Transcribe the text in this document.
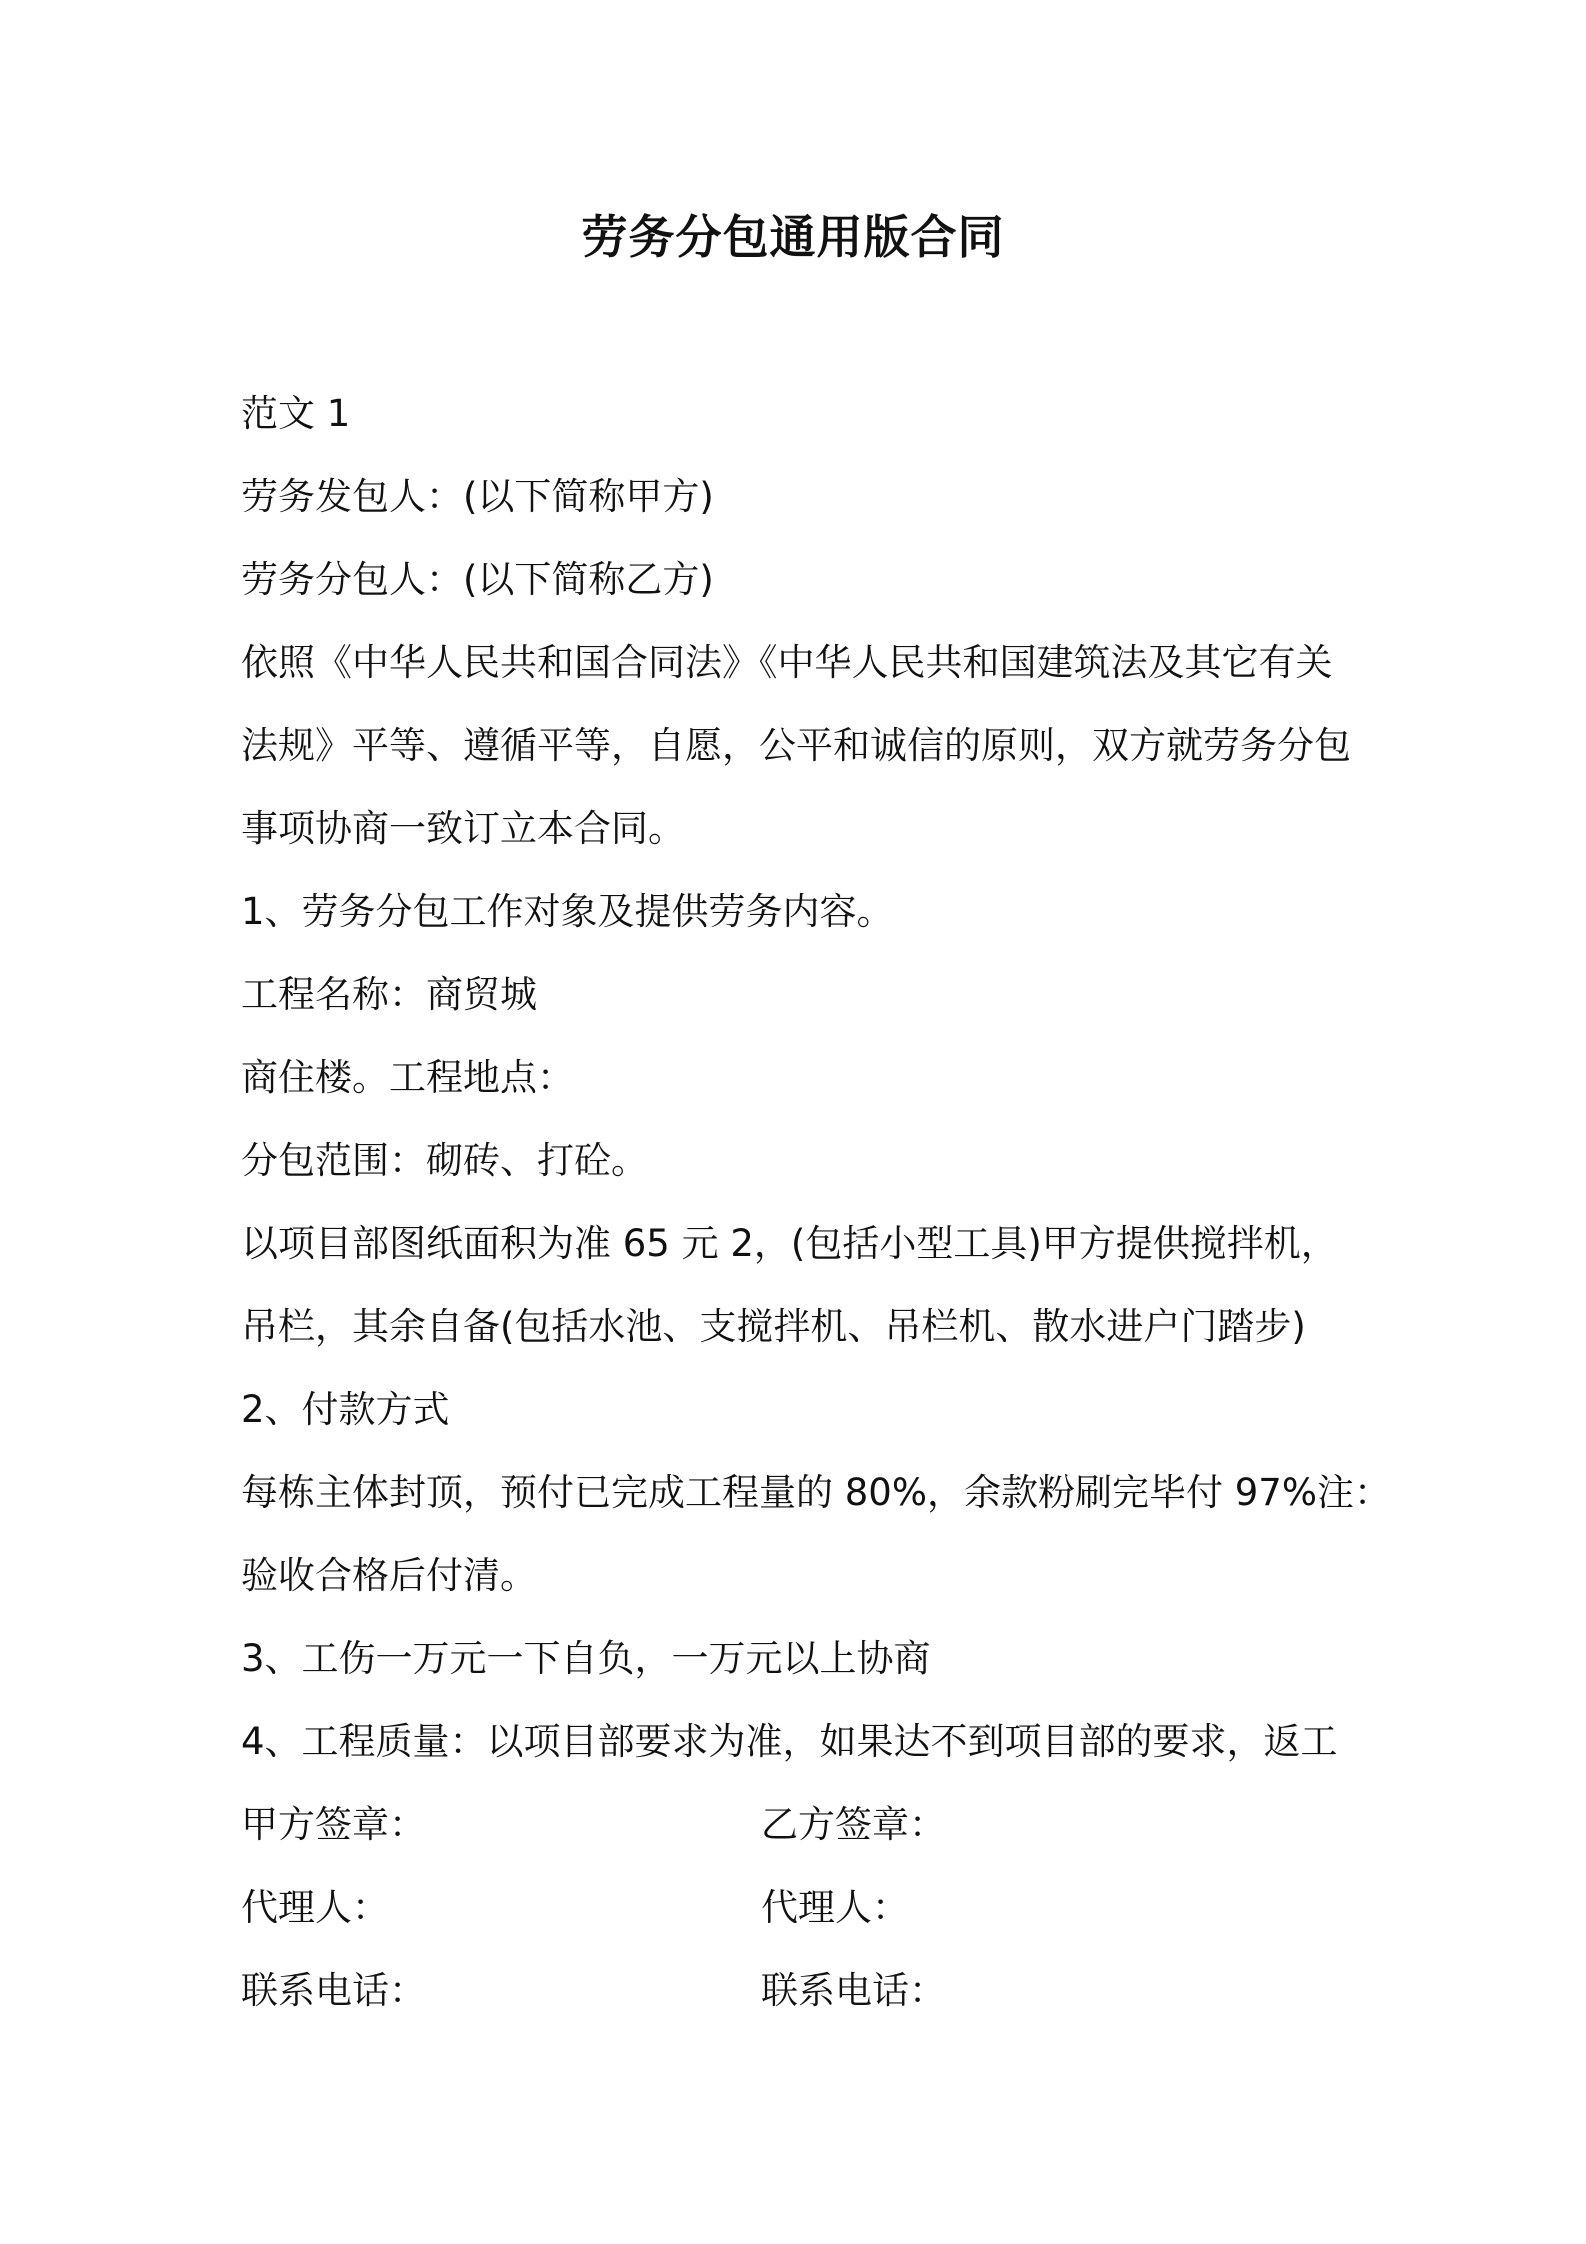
劳务分包通用版合同
范文 1
劳务发包人：(以下简称甲方)
劳务分包人：(以下简称乙方)
依照《中华人民共和国合同法》《中华人民共和国建筑法及其它有关
法规》平等、遵循平等，自愿，公平和诚信的原则，双方就劳务分包
事项协商一致订立本合同。
1、劳务分包工作对象及提供劳务内容。
工程名称：商贸城
商住楼。工程地点：
分包范围：砌砖、打砼。
以项目部图纸面积为准 65 元 2，(包括小型工具)甲方提供搅拌机，
吊栏，其余自备(包括水池、支搅拌机、吊栏机、散水进户门踏步)
2、付款方式
每栋主体封顶，预付已完成工程量的 80%，余款粉刷完毕付 97%注：
验收合格后付清。
3、工伤一万元一下自负，一万元以上协商
4、工程质量：以项目部要求为准，如果达不到项目部的要求，返工
甲方签章：	乙方签章：
代理人：	代理人：
联系电话：	联系电话：
